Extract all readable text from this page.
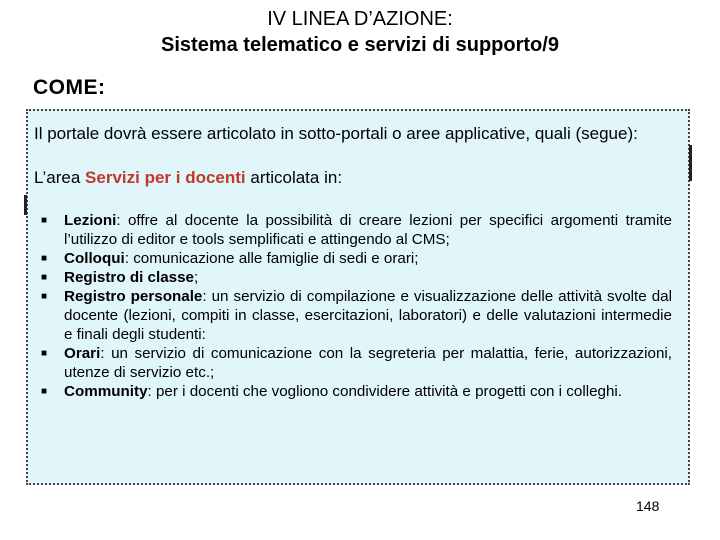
IV LINEA D’AZIONE:
Sistema telematico e servizi di supporto/9
COME:

Il portale dovrà essere articolato in sotto-portali o aree applicative, quali (segue):

L’area Servizi per i docenti articolata in:

■ Lezioni: offre al docente la possibilità di creare lezioni per specifici argomenti tramite l’utilizzo di editor e tools semplificati e attingendo al CMS;
■ Colloqui: comunicazione alle famiglie di sedi e orari;
■ Registro di classe;
■ Registro personale: un servizio di compilazione e visualizzazione delle attività svolte dal docente (lezioni, compiti in classe, esercitazioni, laboratori) e delle valutazioni intermedie e finali degli studenti:
■ Orari: un servizio di comunicazione con la segreteria per malattia, ferie, autorizzazioni, utenze di servizio etc.;
■ Community: per i docenti che vogliono condividere attività e progetti con i colleghi.
148
